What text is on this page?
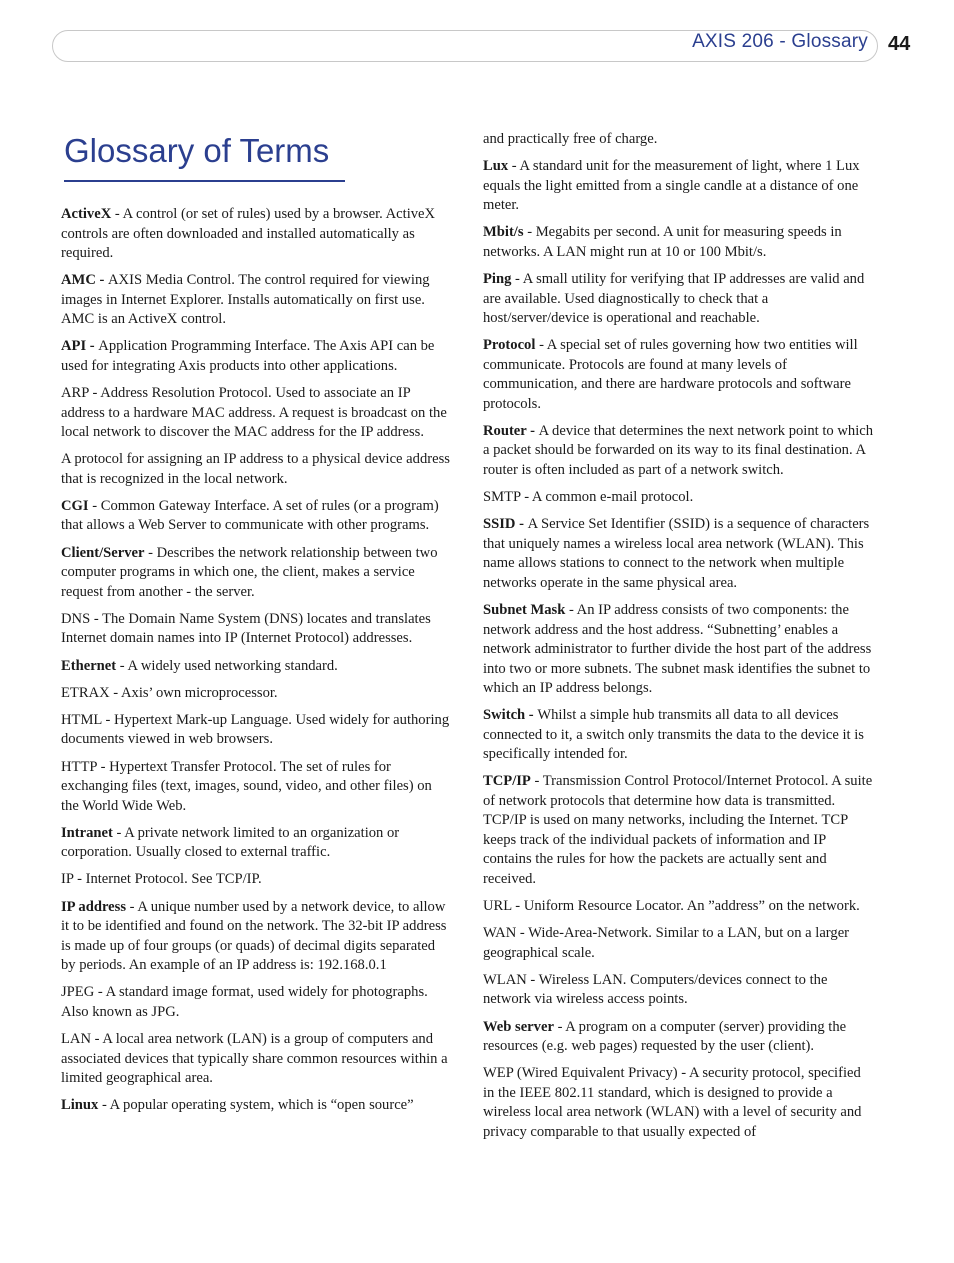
AXIS 206 - Glossary 44
Glossary of Terms

ActiveX - A control (or set of rules) used by a browser. ActiveX controls are often downloaded and installed automatically as required.

AMC - AXIS Media Control. The control required for viewing images in Internet Explorer. Installs automatically on first use. AMC is an ActiveX control.

API - Application Programming Interface. The Axis API can be used for integrating Axis products into other applications.

ARP - Address Resolution Protocol. Used to associate an IP address to a hardware MAC address. A request is broadcast on the local network to discover the MAC address for the IP address.

A protocol for assigning an IP address to a physical device address that is recognized in the local network.

CGI - Common Gateway Interface. A set of rules (or a program) that allows a Web Server to communicate with other programs.

Client/Server - Describes the network relationship between two computer programs in which one, the client, makes a service request from another - the server.

DNS - The Domain Name System (DNS) locates and translates Internet domain names into IP (Internet Protocol) addresses.

Ethernet - A widely used networking standard.

ETRAX - Axis’ own microprocessor.

HTML - Hypertext Mark-up Language. Used widely for authoring documents viewed in web browsers.

HTTP - Hypertext Transfer Protocol. The set of rules for exchanging files (text, images, sound, video, and other files) on the World Wide Web.

Intranet - A private network limited to an organization or corporation. Usually closed to external traffic.

IP - Internet Protocol. See TCP/IP.

IP address - A unique number used by a network device, to allow it to be identified and found on the network. The 32-bit IP address is made up of four groups (or quads) of decimal digits separated by periods. An example of an IP address is: 192.168.0.1

JPEG - A standard image format, used widely for photographs. Also known as JPG.

LAN - A local area network (LAN) is a group of computers and associated devices that typically share common resources within a limited geographical area.

Linux - A popular operating system, which is “open source”

and practically free of charge.

Lux - A standard unit for the measurement of light, where 1 Lux equals the light emitted from a single candle at a distance of one meter.

Mbit/s - Megabits per second. A unit for measuring speeds in networks. A LAN might run at 10 or 100 Mbit/s.

Ping - A small utility for verifying that IP addresses are valid and are available. Used diagnostically to check that a host/server/device is operational and reachable.

Protocol - A special set of rules governing how two entities will communicate. Protocols are found at many levels of communication, and there are hardware protocols and software protocols.

Router - A device that determines the next network point to which a packet should be forwarded on its way to its final destination. A router is often included as part of a network switch.

SMTP - A common e-mail protocol.

SSID - A Service Set Identifier (SSID) is a sequence of characters that uniquely names a wireless local area network (WLAN). This name allows stations to connect to the network when multiple networks operate in the same physical area.

Subnet Mask - An IP address consists of two components: the network address and the host address. “Subnetting’ enables a network administrator to further divide the host part of the address into two or more subnets. The subnet mask identifies the subnet to which an IP address belongs.

Switch - Whilst a simple hub transmits all data to all devices connected to it, a switch only transmits the data to the device it is specifically intended for.

TCP/IP - Transmission Control Protocol/Internet Protocol. A suite of network protocols that determine how data is transmitted. TCP/IP is used on many networks, including the Internet. TCP keeps track of the individual packets of information and IP contains the rules for how the packets are actually sent and received.

URL - Uniform Resource Locator. An ”address” on the network.

WAN - Wide-Area-Network. Similar to a LAN, but on a larger geographical scale.

WLAN - Wireless LAN. Computers/devices connect to the network via wireless access points.

Web server - A program on a computer (server) providing the resources (e.g. web pages) requested by the user (client).

WEP (Wired Equivalent Privacy) - A security protocol, specified in the IEEE 802.11 standard, which is designed to provide a wireless local area network (WLAN) with a level of security and privacy comparable to that usually expected of
